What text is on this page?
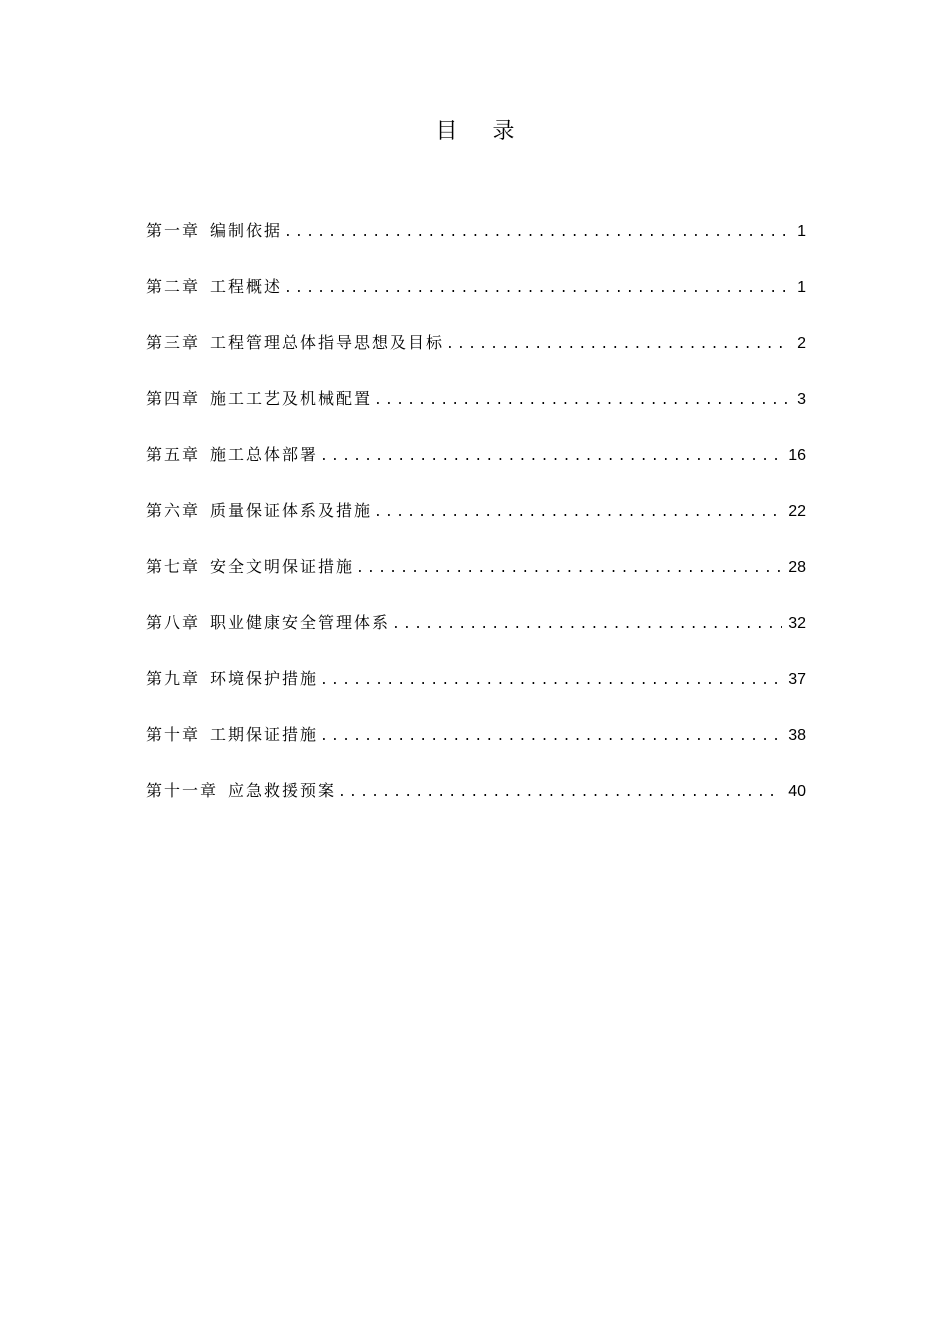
目 录
第一章 编制依据 .....	1
第二章 工程概述 .....	1
第三章 工程管理总体指导思想及目标 .....	2
第四章 施工工艺及机械配置 .....	3
第五章 施工总体部署 .....	16
第六章 质量保证体系及措施 .....	22
第七章 安全文明保证措施 .....	28
第八章 职业健康安全管理体系 .....	32
第九章 环境保护措施 .....	37
第十章 工期保证措施 .....	38
第十一章 应急救援预案 .....	40
